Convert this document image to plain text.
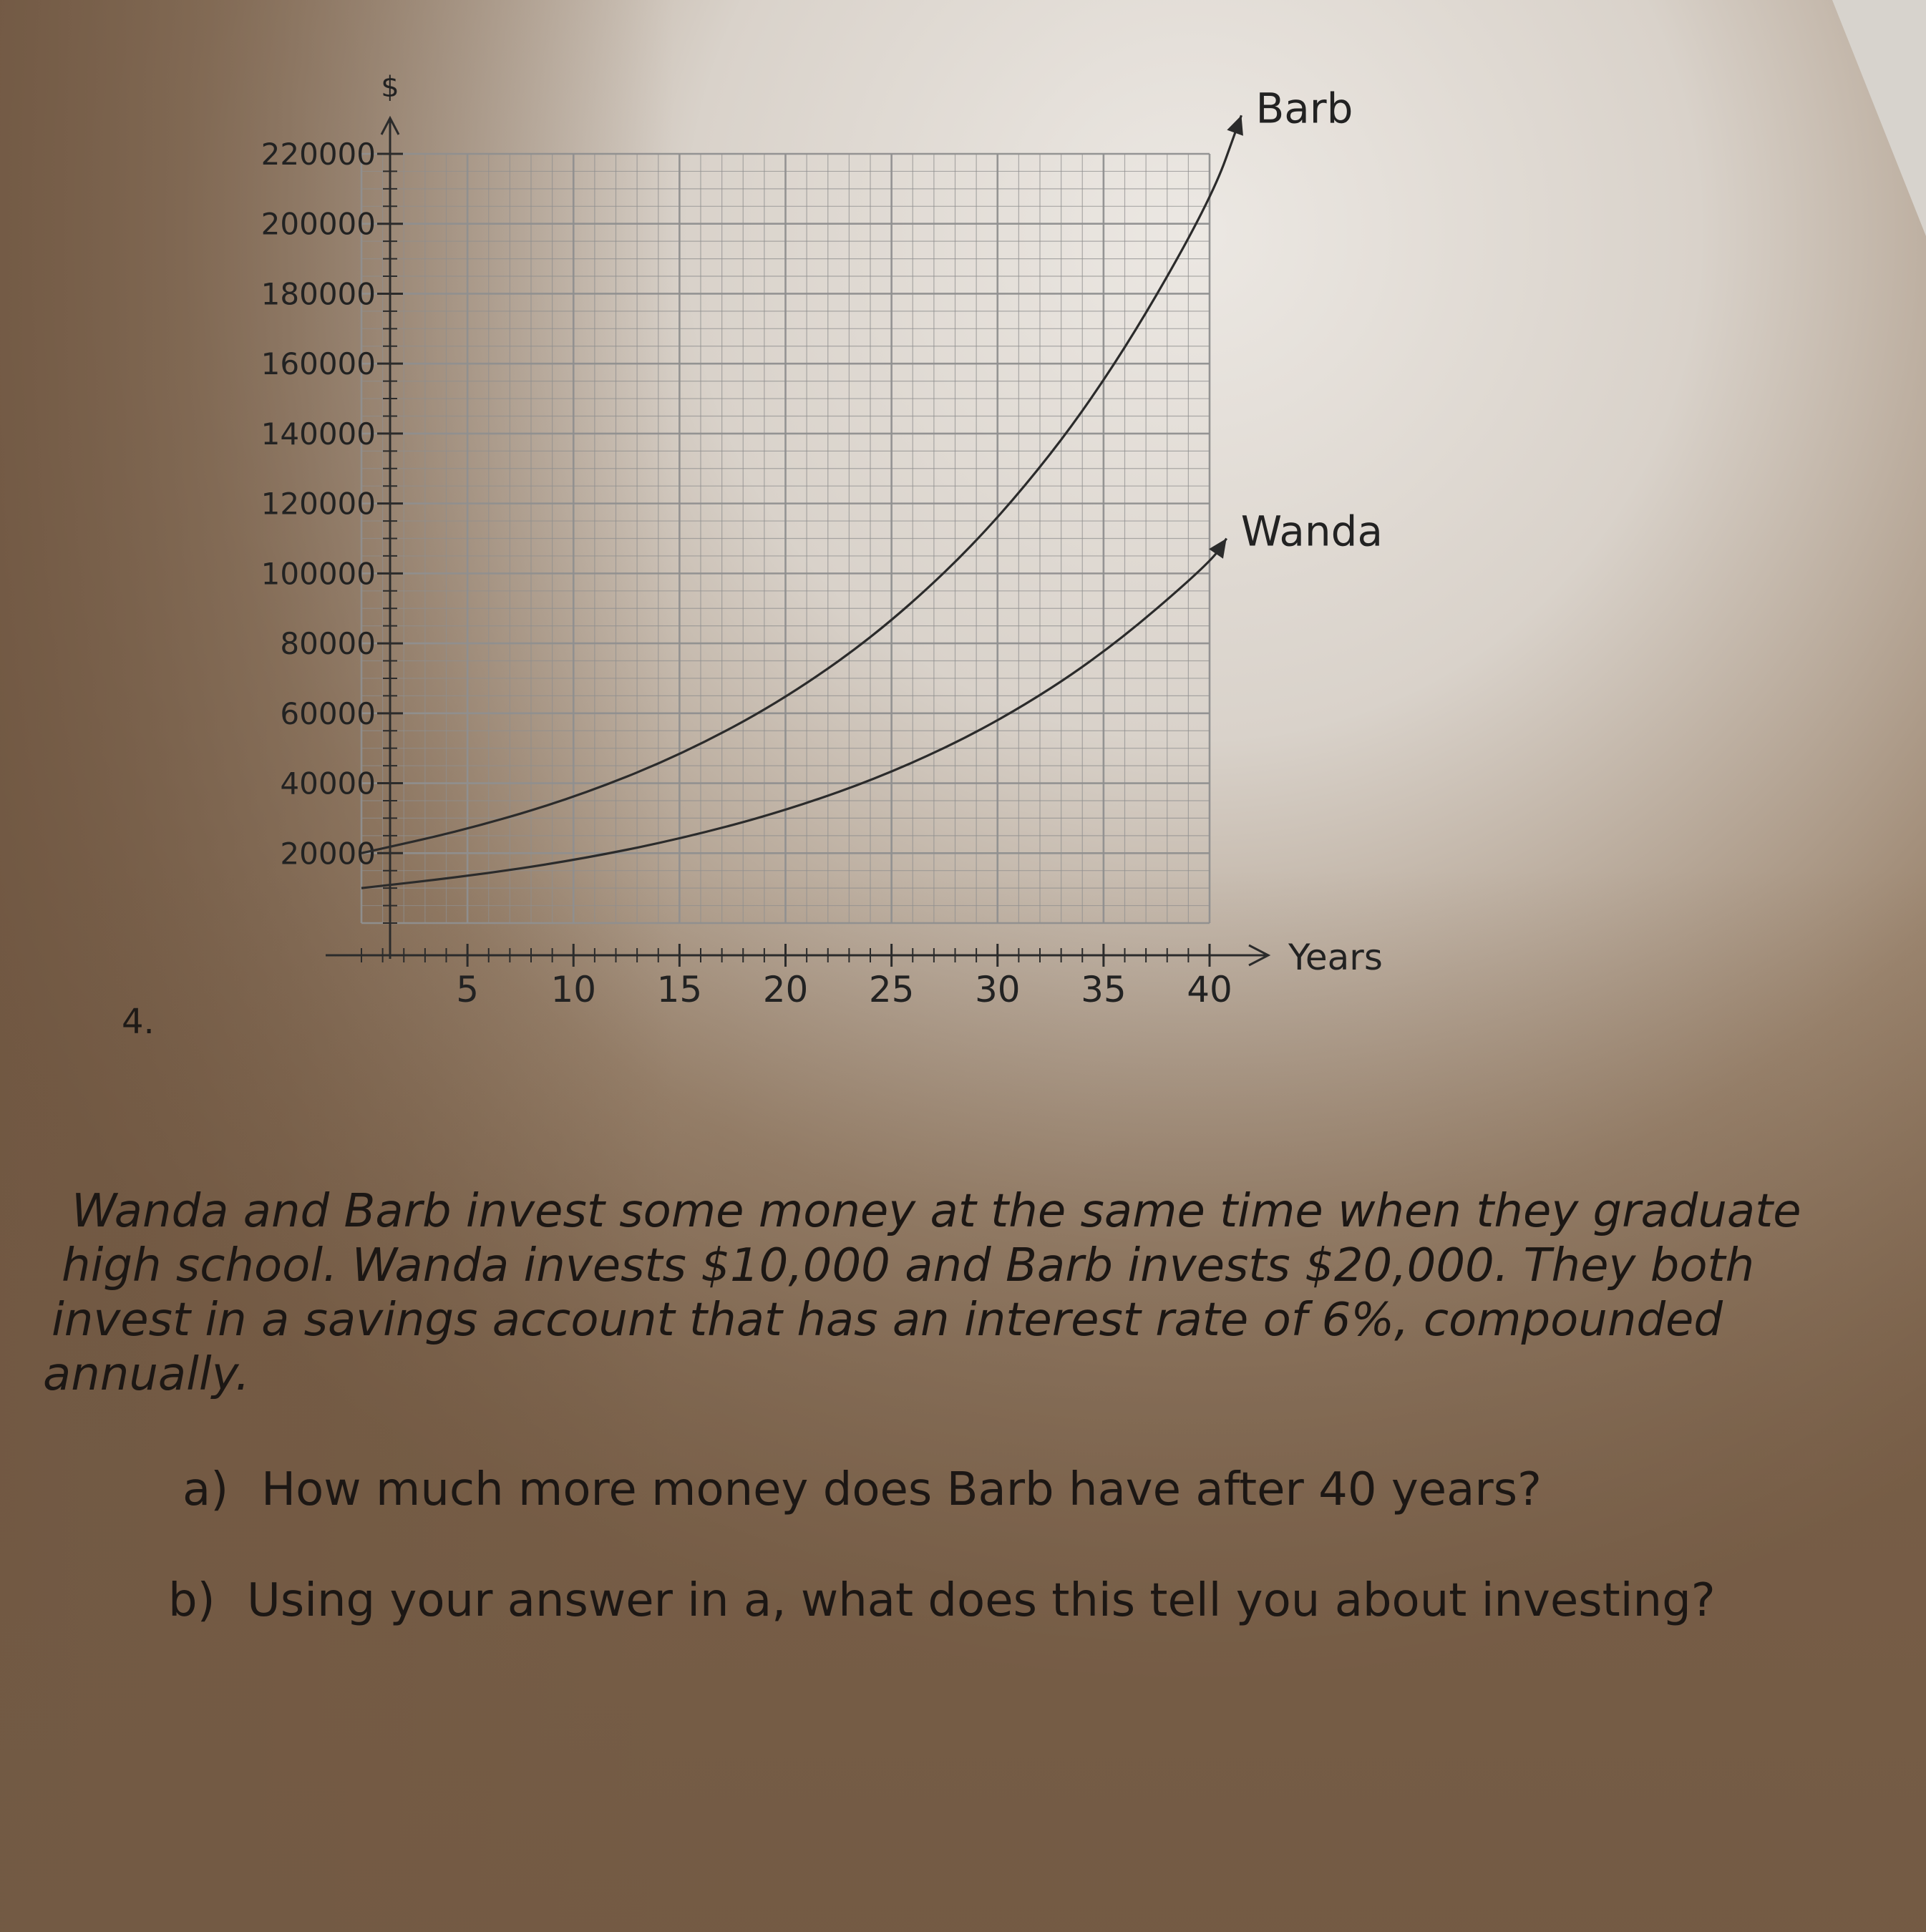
5 10 15 20 25 30 35 40
20000
40000
60000
80000
100000
120000
140000
160000
180000
200000
220000
Barb
Wanda
$
Years
4.
Wanda and Barb invest some money at the same time when they graduate
high school. Wanda invests $10,000 and Barb invests $20,000. They both
invest in a savings account that has an interest rate of 6%, compounded
annually.
a) How much more money does Barb have after 40 years?
b) Using your answer in a, what does this tell you about investing?
